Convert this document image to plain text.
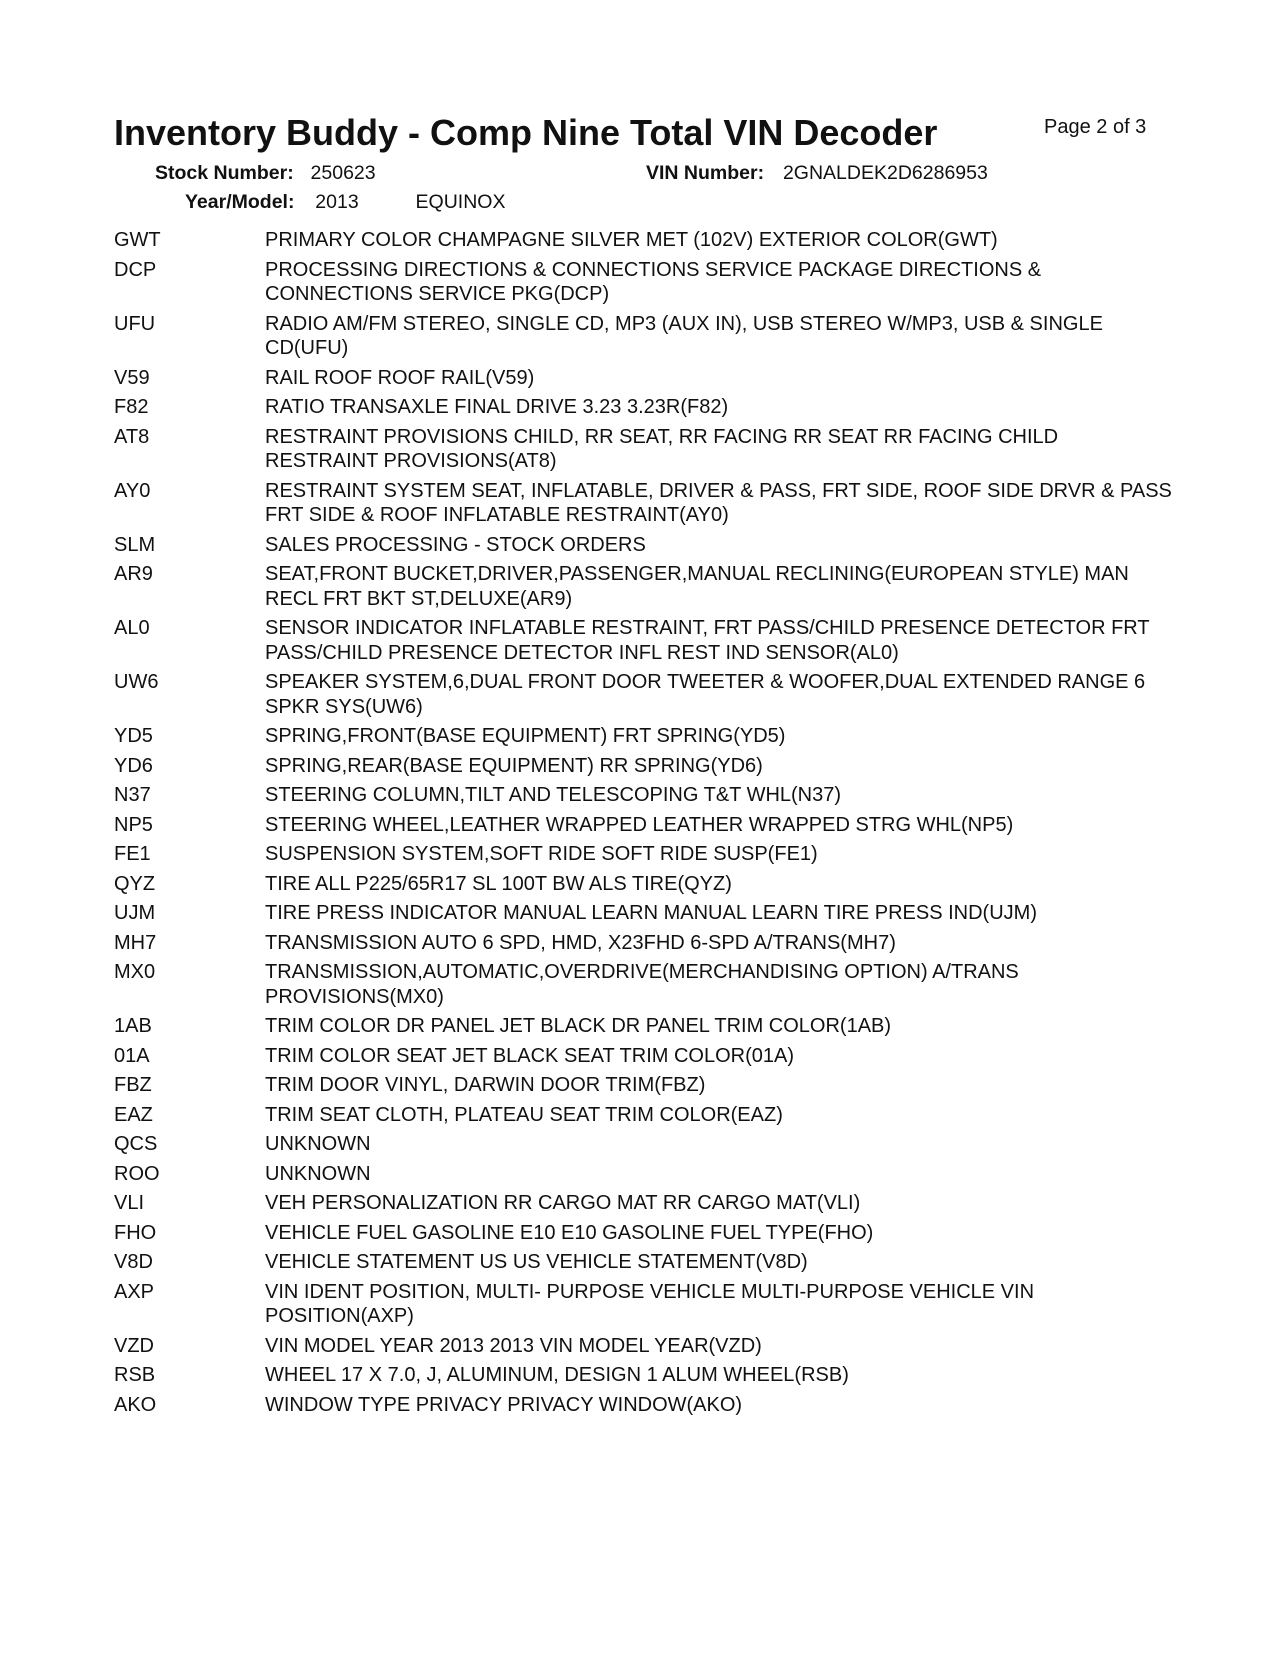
Inventory Buddy - Comp Nine Total VIN Decoder	Page 2 of 3
Stock Number: 250623	VIN Number: 2GNALDEK2D6286953
Year/Model: 2013	EQUINOX
GWT	PRIMARY COLOR CHAMPAGNE SILVER MET (102V) EXTERIOR COLOR(GWT)
DCP	PROCESSING DIRECTIONS & CONNECTIONS SERVICE PACKAGE DIRECTIONS & CONNECTIONS SERVICE PKG(DCP)
UFU	RADIO AM/FM STEREO, SINGLE CD, MP3 (AUX IN), USB STEREO W/MP3, USB & SINGLE CD(UFU)
V59	RAIL ROOF ROOF RAIL(V59)
F82	RATIO TRANSAXLE FINAL DRIVE 3.23 3.23R(F82)
AT8	RESTRAINT PROVISIONS CHILD, RR SEAT, RR FACING RR SEAT RR FACING CHILD RESTRAINT PROVISIONS(AT8)
AY0	RESTRAINT SYSTEM SEAT, INFLATABLE, DRIVER & PASS, FRT SIDE, ROOF SIDE DRVR & PASS FRT SIDE & ROOF INFLATABLE RESTRAINT(AY0)
SLM	SALES PROCESSING - STOCK ORDERS
AR9	SEAT,FRONT BUCKET,DRIVER,PASSENGER,MANUAL RECLINING(EUROPEAN STYLE) MAN RECL FRT BKT ST,DELUXE(AR9)
AL0	SENSOR INDICATOR INFLATABLE RESTRAINT, FRT PASS/CHILD PRESENCE DETECTOR FRT PASS/CHILD PRESENCE DETECTOR INFL REST IND SENSOR(AL0)
UW6	SPEAKER SYSTEM,6,DUAL FRONT DOOR TWEETER & WOOFER,DUAL EXTENDED RANGE 6 SPKR SYS(UW6)
YD5	SPRING,FRONT(BASE EQUIPMENT) FRT SPRING(YD5)
YD6	SPRING,REAR(BASE EQUIPMENT) RR SPRING(YD6)
N37	STEERING COLUMN,TILT AND TELESCOPING T&T WHL(N37)
NP5	STEERING WHEEL,LEATHER WRAPPED LEATHER WRAPPED STRG WHL(NP5)
FE1	SUSPENSION SYSTEM,SOFT RIDE SOFT RIDE SUSP(FE1)
QYZ	TIRE ALL P225/65R17 SL 100T BW ALS TIRE(QYZ)
UJM	TIRE PRESS INDICATOR MANUAL LEARN MANUAL LEARN TIRE PRESS IND(UJM)
MH7	TRANSMISSION AUTO 6 SPD, HMD, X23FHD 6-SPD A/TRANS(MH7)
MX0	TRANSMISSION,AUTOMATIC,OVERDRIVE(MERCHANDISING OPTION) A/TRANS PROVISIONS(MX0)
1AB	TRIM COLOR DR PANEL JET BLACK DR PANEL TRIM COLOR(1AB)
01A	TRIM COLOR SEAT JET BLACK SEAT TRIM COLOR(01A)
FBZ	TRIM DOOR VINYL, DARWIN DOOR TRIM(FBZ)
EAZ	TRIM SEAT CLOTH, PLATEAU SEAT TRIM COLOR(EAZ)
QCS	UNKNOWN
ROO	UNKNOWN
VLI	VEH PERSONALIZATION RR CARGO MAT RR CARGO MAT(VLI)
FHO	VEHICLE FUEL GASOLINE E10 E10 GASOLINE FUEL TYPE(FHO)
V8D	VEHICLE STATEMENT US US VEHICLE STATEMENT(V8D)
AXP	VIN IDENT POSITION, MULTI- PURPOSE VEHICLE MULTI-PURPOSE VEHICLE VIN POSITION(AXP)
VZD	VIN MODEL YEAR 2013 2013 VIN MODEL YEAR(VZD)
RSB	WHEEL 17 X 7.0, J, ALUMINUM, DESIGN 1 ALUM WHEEL(RSB)
AKO	WINDOW TYPE PRIVACY PRIVACY WINDOW(AKO)
